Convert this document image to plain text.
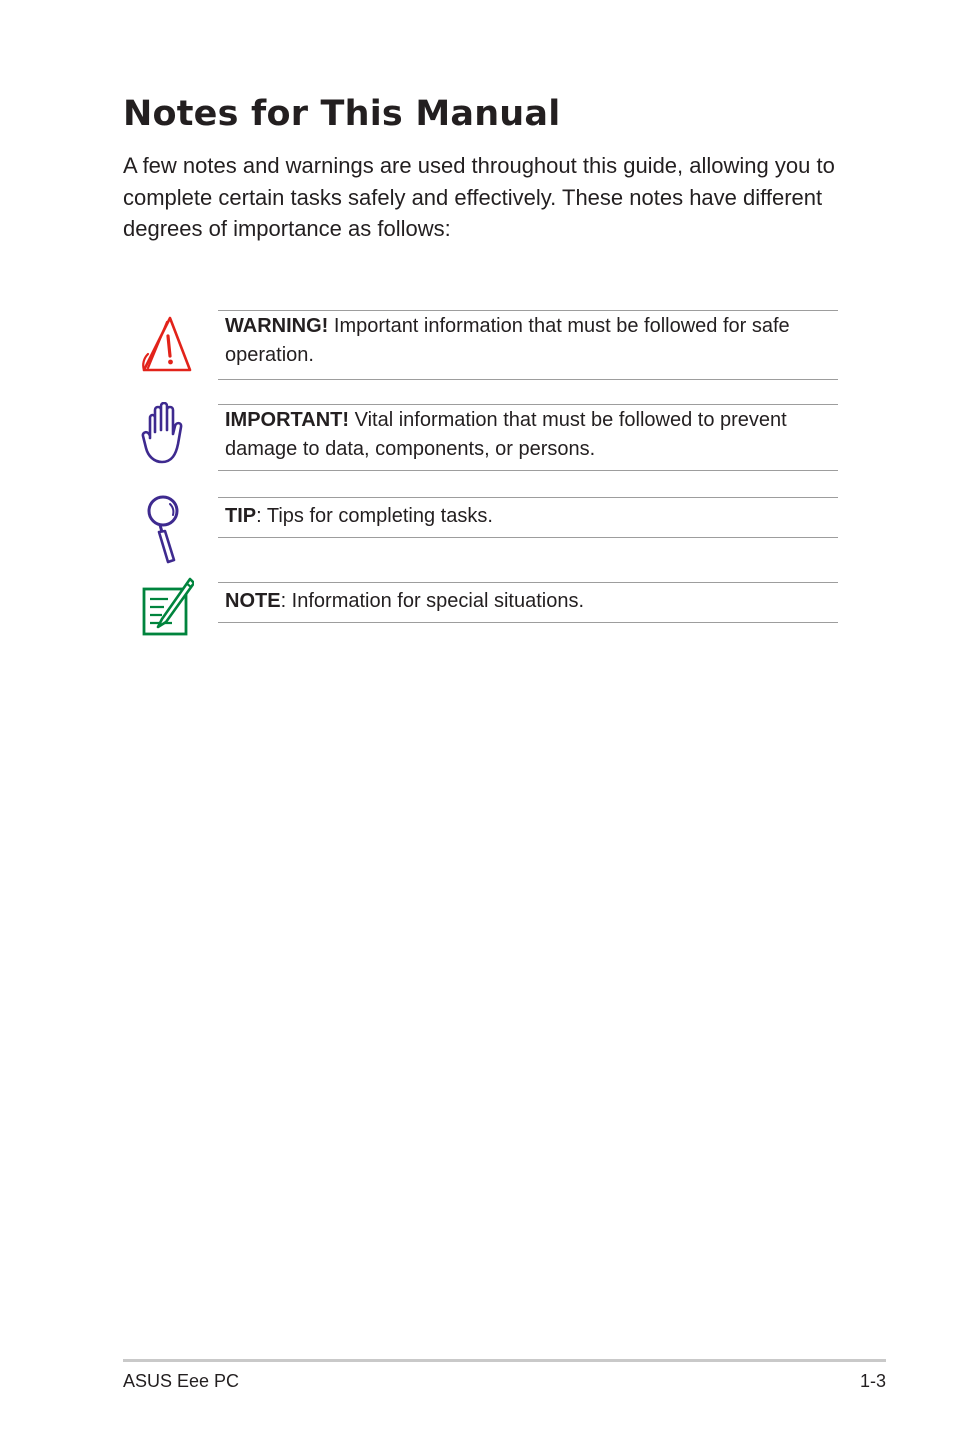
Notes for This Manual

A few notes and warnings are used throughout this guide, allowing you to complete certain tasks safely and effectively. These notes have different degrees of importance as follows:

WARNING! Important information that must be followed for safe operation.

IMPORTANT! Vital information that must be followed to prevent damage to data, components, or persons.

TIP: Tips for completing tasks.

NOTE: Information for special situations.

ASUS Eee PC	1-3
